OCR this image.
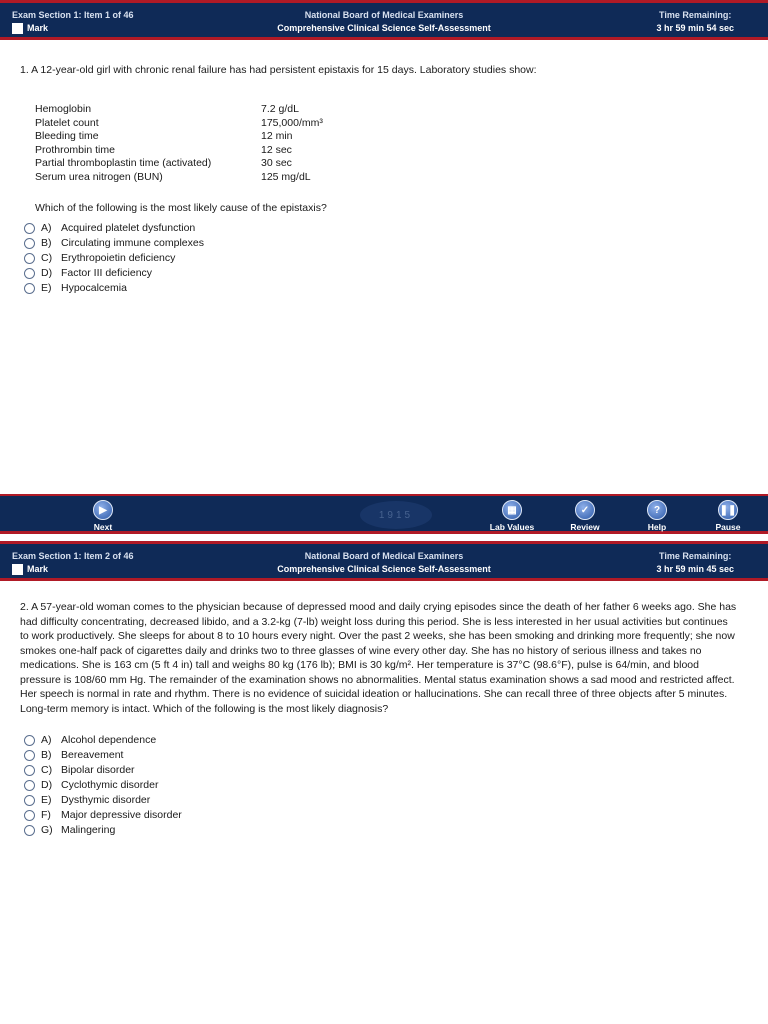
Exam Section 1: Item 1 of 46
Mark
National Board of Medical Examiners
Comprehensive Clinical Science Self-Assessment
Time Remaining:
3 hr 59 min 54 sec
1. A 12-year-old girl with chronic renal failure has had persistent epistaxis for 15 days. Laboratory studies show:
Hemoglobin	7.2 g/dL
Platelet count	175,000/mm³
Bleeding time	12 min
Prothrombin time	12 sec
Partial thromboplastin time (activated)	30 sec
Serum urea nitrogen (BUN)	125 mg/dL
Which of the following is the most likely cause of the epistaxis?
A) Acquired platelet dysfunction
B) Circulating immune complexes
C) Erythropoietin deficiency
D) Factor III deficiency
E) Hypocalcemia
▶
Next
1915	▦
Lab Values
✓
Review
?
Help
❚❚
Pause
Exam Section 1: Item 2 of 46
Mark
National Board of Medical Examiners
Comprehensive Clinical Science Self-Assessment
Time Remaining:
3 hr 59 min 45 sec
2. A 57-year-old woman comes to the physician because of depressed mood and daily crying episodes since the death of her father 6 weeks ago. She has had difficulty concentrating, decreased libido, and a 3.2-kg (7-lb) weight loss during this period. She is less interested in her usual activities but continues to work productively. She sleeps for about 8 to 10 hours every night. Over the past 2 weeks, she has been smoking and drinking more frequently; she now smokes one-half pack of cigarettes daily and drinks two to three glasses of wine every other day. She has no history of serious illness and takes no medications. She is 163 cm (5 ft 4 in) tall and weighs 80 kg (176 lb); BMI is 30 kg/m². Her temperature is 37°C (98.6°F), pulse is 64/min, and blood pressure is 108/60 mm Hg. The remainder of the examination shows no abnormalities. Mental status examination shows a sad mood and restricted affect. Her speech is normal in rate and rhythm. There is no evidence of suicidal ideation or hallucinations. She can recall three of three objects after 5 minutes. Long-term memory is intact. Which of the following is the most likely diagnosis?
A) Alcohol dependence
B) Bereavement
C) Bipolar disorder
D) Cyclothymic disorder
E) Dysthymic disorder
F) Major depressive disorder
G) Malingering
